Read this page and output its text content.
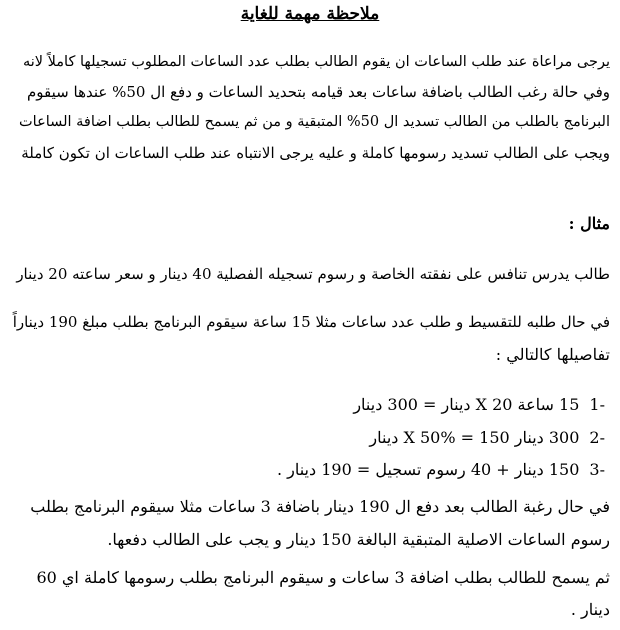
ملاحظة مهمة للغاية
يرجى مراعاة عند طلب الساعات ان يقوم الطالب بطلب عدد الساعات المطلوب تسجيلها كاملاً لانه
وفي حالة رغب الطالب باضافة ساعات بعد قيامه بتحديد الساعات و دفع ال 50% عندها سيقوم
البرنامج بالطلب من الطالب تسديد ال 50% المتبقية و من ثم يسمح للطالب بطلب اضافة الساعات
ويجب على الطالب تسديد رسومها كاملة و عليه يرجى الانتباه عند طلب الساعات ان تكون كاملة
مثال :
طالب يدرس تنافس على نفقته الخاصة و رسوم تسجيله الفصلية 40 دينار و سعر ساعته 20 دينار
في حال طلبه للتقسيط و طلب عدد ساعات مثلا 15 ساعة سيقوم البرنامج بطلب مبلغ 190 ديناراً
تفاصيلها كالتالي :
1-15 ساعة X 20 دينار = 300 دينار
2-300 دينار X 50% = 150 دينار
3-150 دينار + 40 رسوم تسجيل = 190 دينار .
في حال رغبة الطالب بعد دفع ال 190 دينار باضافة 3 ساعات مثلا سيقوم البرنامج بطلب
رسوم الساعات الاصلية المتبقية البالغة 150 دينار و يجب على الطالب دفعها.
ثم يسمح للطالب بطلب اضافة 3 ساعات و سيقوم البرنامج بطلب رسومها كاملة اي 60
دينار .
